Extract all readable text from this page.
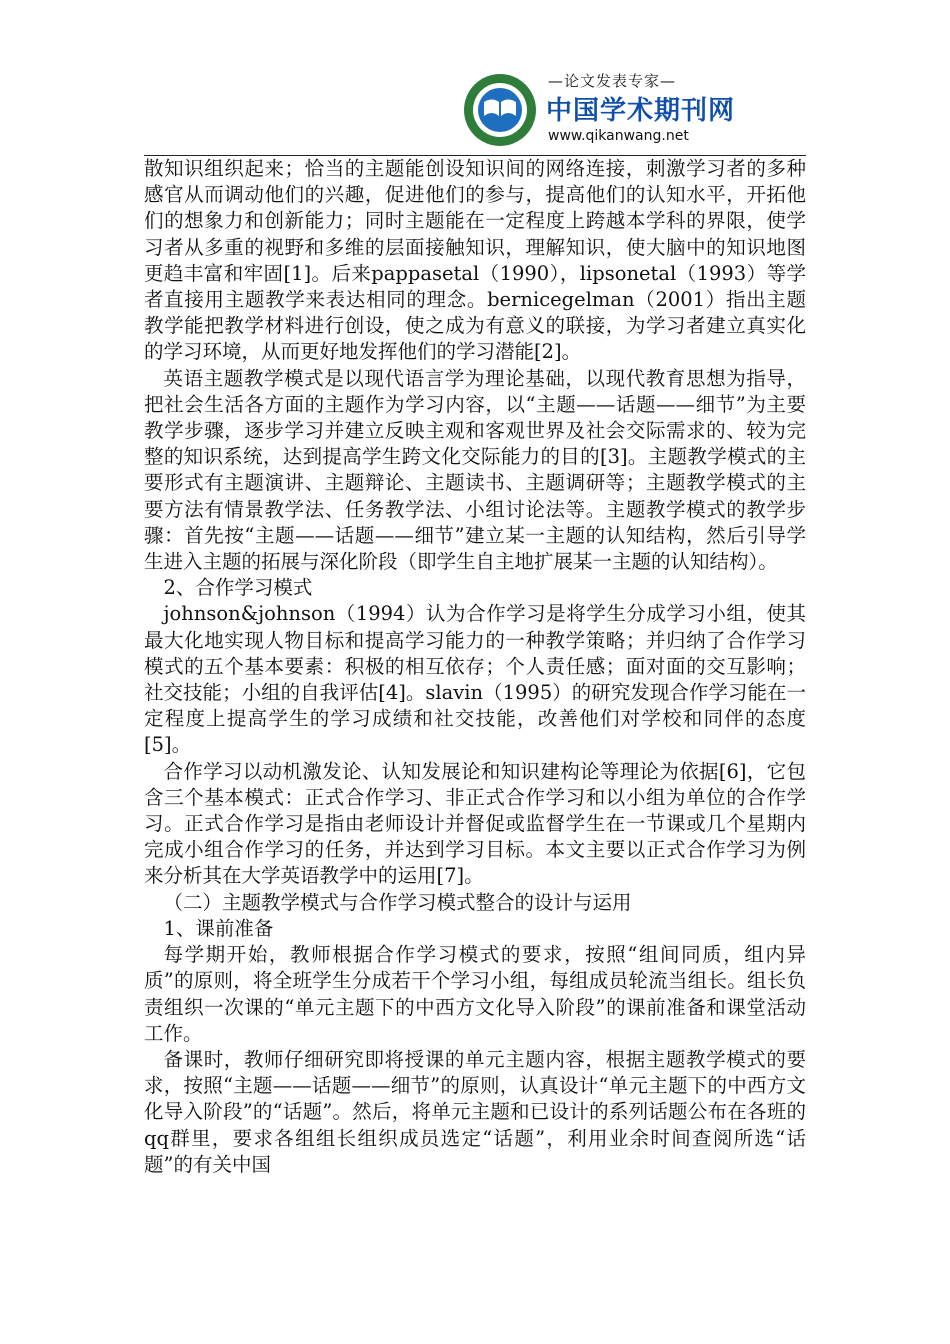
—论文发表专家—
中国学术期刊网
www.qikanwang.net

散知识组织起来；恰当的主题能创设知识间的网络连接，刺激学习者的多种感官从而调动他们的兴趣，促进他们的参与，提高他们的认知水平，开拓他们的想象力和创新能力；同时主题能在一定程度上跨越本学科的界限，使学习者从多重的视野和多维的层面接触知识，理解知识，使大脑中的知识地图更趋丰富和牢固[1]。后来pappasetal（1990），lipsonetal（1993）等学者直接用主题教学来表达相同的理念。bernicegelman（2001）指出主题教学能把教学材料进行创设，使之成为有意义的联接，为学习者建立真实化的学习环境，从而更好地发挥他们的学习潜能[2]。

英语主题教学模式是以现代语言学为理论基础，以现代教育思想为指导，把社会生活各方面的主题作为学习内容，以“主题——话题——细节”为主要教学步骤，逐步学习并建立反映主观和客观世界及社会交际需求的、较为完整的知识系统，达到提高学生跨文化交际能力的目的[3]。主题教学模式的主要形式有主题演讲、主题辩论、主题读书、主题调研等；主题教学模式的主要方法有情景教学法、任务教学法、小组讨论法等。主题教学模式的教学步骤：首先按“主题——话题——细节”建立某一主题的认知结构，然后引导学生进入主题的拓展与深化阶段（即学生自主地扩展某一主题的认知结构）。

2、合作学习模式

johnson&johnson（1994）认为合作学习是将学生分成学习小组，使其最大化地实现人物目标和提高学习能力的一种教学策略；并归纳了合作学习模式的五个基本要素：积极的相互依存；个人责任感；面对面的交互影响；社交技能；小组的自我评估[4]。slavin（1995）的研究发现合作学习能在一定程度上提高学生的学习成绩和社交技能，改善他们对学校和同伴的态度[5]。

合作学习以动机激发论、认知发展论和知识建构论等理论为依据[6]，它包含三个基本模式：正式合作学习、非正式合作学习和以小组为单位的合作学习。正式合作学习是指由老师设计并督促或监督学生在一节课或几个星期内完成小组合作学习的任务，并达到学习目标。本文主要以正式合作学习为例来分析其在大学英语教学中的运用[7]。

（二）主题教学模式与合作学习模式整合的设计与运用

1、课前准备

每学期开始，教师根据合作学习模式的要求，按照“组间同质，组内异质”的原则，将全班学生分成若干个学习小组，每组成员轮流当组长。组长负责组织一次课的“单元主题下的中西方文化导入阶段”的课前准备和课堂活动工作。

备课时，教师仔细研究即将授课的单元主题内容，根据主题教学模式的要求，按照“主题——话题——细节”的原则，认真设计“单元主题下的中西方文化导入阶段”的“话题”。然后，将单元主题和已设计的系列话题公布在各班的qq群里，要求各组组长组织成员选定“话题”，利用业余时间查阅所选“话题”的有关中国
